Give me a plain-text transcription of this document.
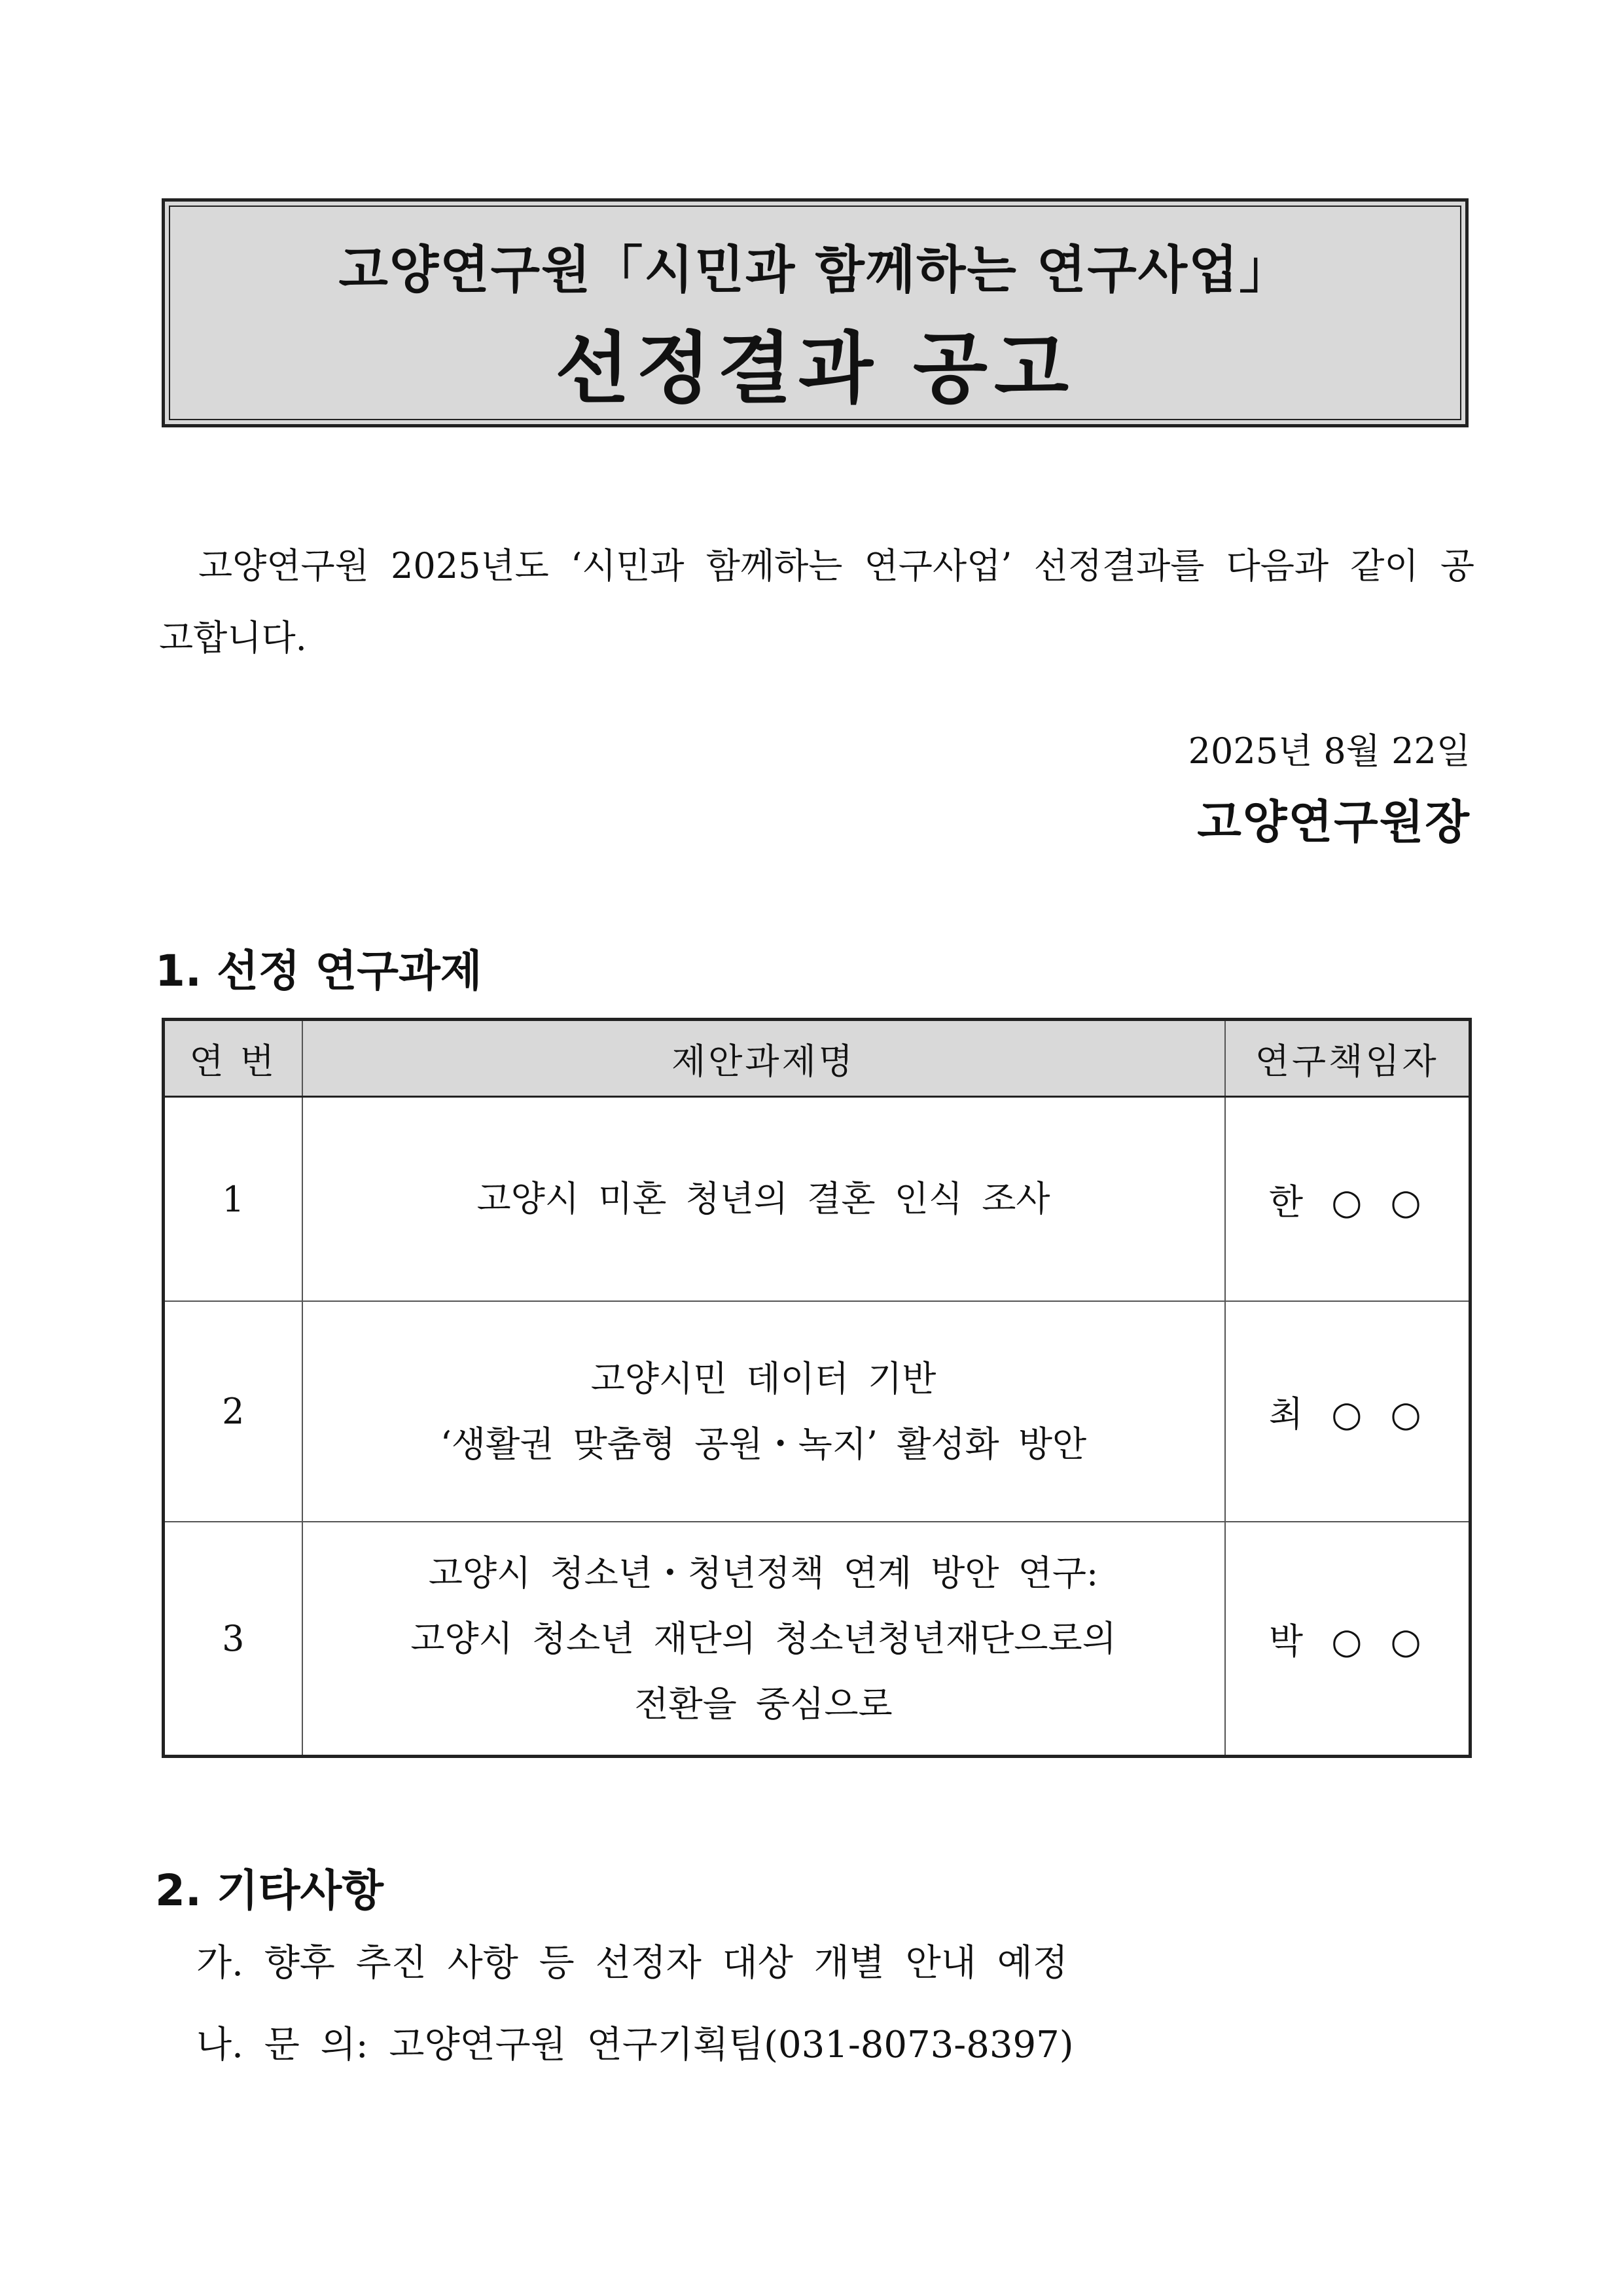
고양연구원「시민과 함께하는 연구사업」
선정결과 공고
고양연구원 2025년도 ‘시민과 함께하는 연구사업’ 선정결과를 다음과 같이 공고합니다.
2025년 8월 22일
고양연구원장
1. 선정 연구과제
연 번	제안과제명	연구책임자
1	고양시 미혼 청년의 결혼 인식 조사	한 ○ ○
2	고양시민 데이터 기반
‘생활권 맞춤형 공원・녹지’ 활성화 방안	최 ○ ○
3	고양시 청소년・청년정책 연계 방안 연구:
고양시 청소년 재단의 청소년청년재단으로의
전환을 중심으로	박 ○ ○
2. 기타사항
가. 향후 추진 사항 등 선정자 대상 개별 안내 예정
나. 문 의: 고양연구원 연구기획팀(031-8073-8397)
